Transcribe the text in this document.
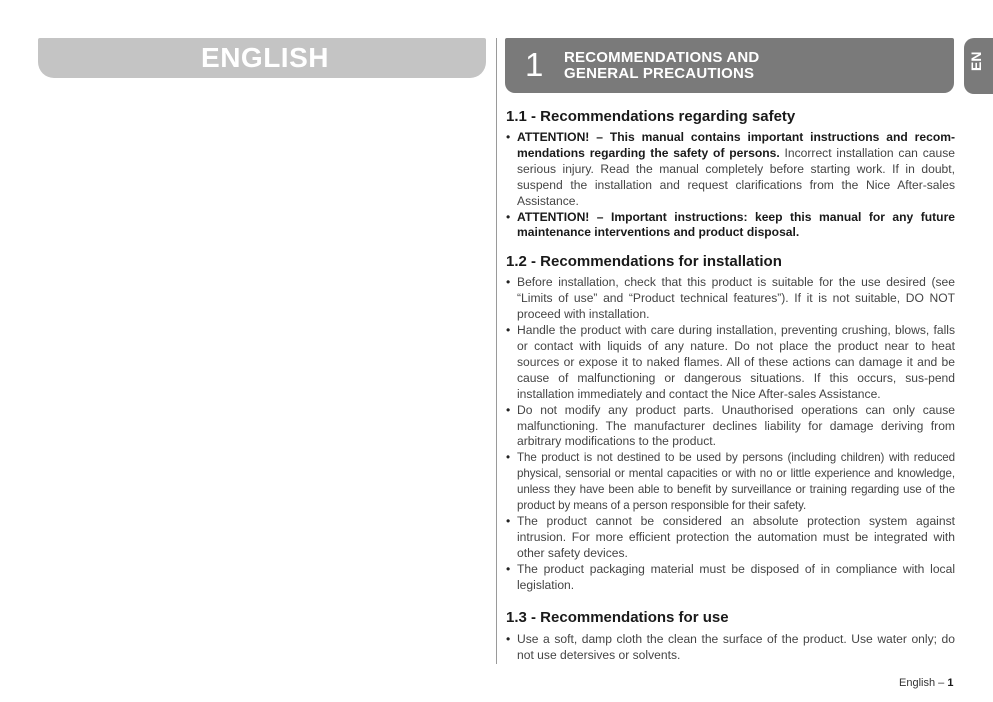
ENGLISH	1 RECOMMENDATIONS AND
GENERAL PRECAUTIONS
EN
1.1 - Recommendations regarding safety
• ATTENTION! – This manual contains important instructions and recom-mendations regarding the safety of persons. Incorrect installation can cause serious injury. Read the manual completely before starting work. If in doubt, suspend the installation and request clarifications from the Nice After-sales Assistance.
• ATTENTION! – Important instructions: keep this manual for any future maintenance interventions and product disposal.
1.2 - Recommendations for installation
• Before installation, check that this product is suitable for the use desired (see “Limits of use” and “Product technical features”). If it is not suitable, DO NOT proceed with installation.
• Handle the product with care during installation, preventing crushing, blows, falls or contact with liquids of any nature. Do not place the product near to heat sources or expose it to naked flames. All of these actions can damage it and be cause of malfunctioning or dangerous situations. If this occurs, sus-pend installation immediately and contact the Nice After-sales Assistance.
• Do not modify any product parts. Unauthorised operations can only cause malfunctioning. The manufacturer declines liability for damage deriving from arbitrary modifications to the product.
• The product is not destined to be used by persons (including children) with reduced physical, sensorial or mental capacities or with no or little experience and knowledge, unless they have been able to benefit by surveillance or training regarding use of the product by means of a person responsible for their safety.
• The product cannot be considered an absolute protection system against intrusion. For more efficient protection the automation must be integrated with other safety devices.
• The product packaging material must be disposed of in compliance with local legislation.
1.3 - Recommendations for use
• Use a soft, damp cloth the clean the surface of the product. Use water only; do not use detersives or solvents.
English – 1
